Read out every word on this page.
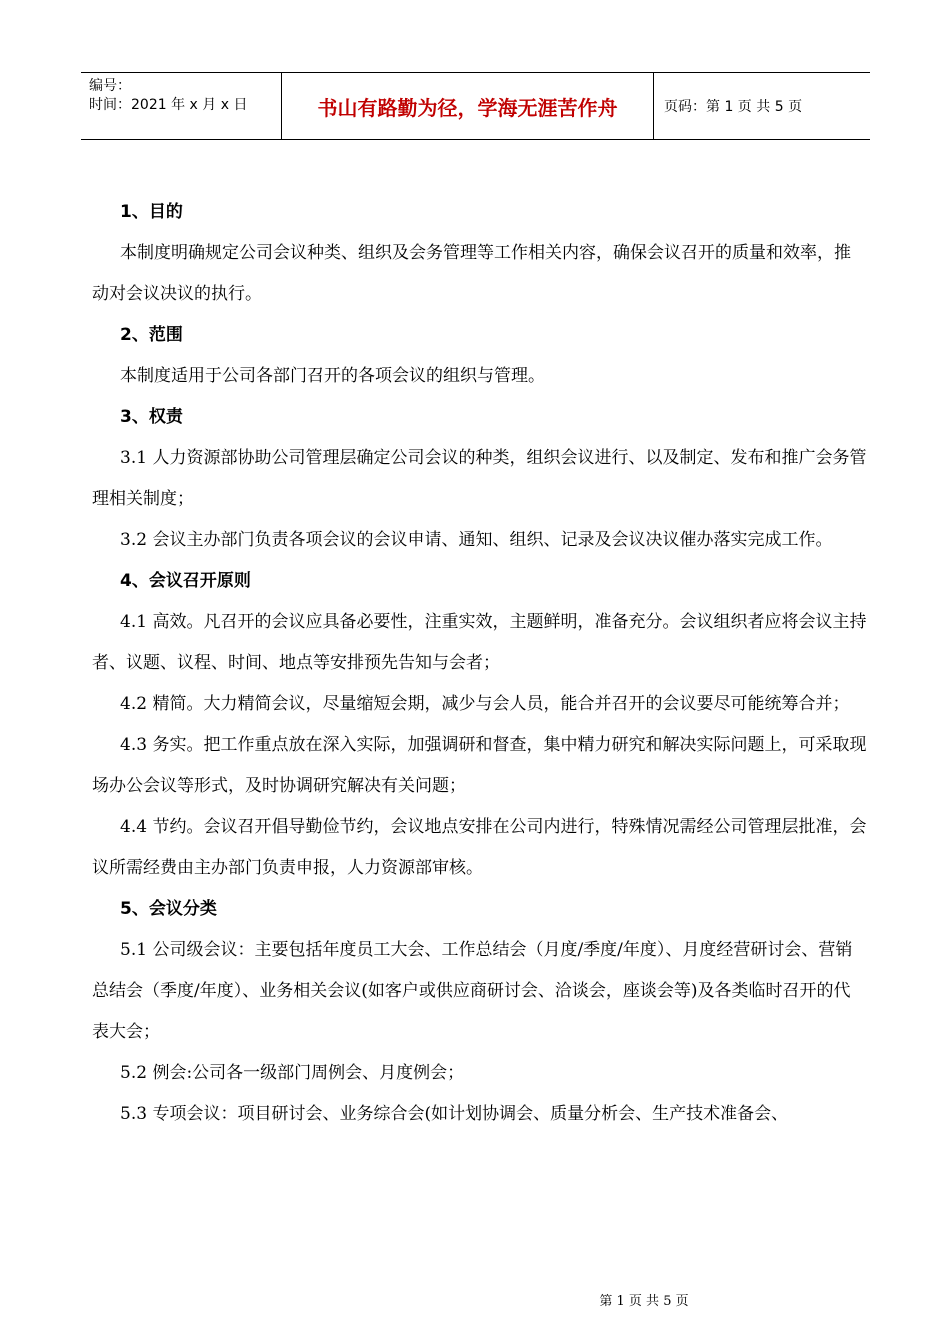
编号：
时间：2021 年 x 月 x 日	书山有路勤为径，学海无涯苦作舟	页码：第 1 页 共 5 页

1、目的

本制度明确规定公司会议种类、组织及会务管理等工作相关内容，确保会议召开的质量和效率，推动对会议决议的执行。

2、范围

本制度适用于公司各部门召开的各项会议的组织与管理。

3、权责

3.1 人力资源部协助公司管理层确定公司会议的种类，组织会议进行、以及制定、发布和推广会务管理相关制度；

3.2 会议主办部门负责各项会议的会议申请、通知、组织、记录及会议决议催办落实完成工作。

4、会议召开原则

4.1 高效。凡召开的会议应具备必要性，注重实效，主题鲜明，准备充分。会议组织者应将会议主持者、议题、议程、时间、地点等安排预先告知与会者；

4.2 精简。大力精简会议，尽量缩短会期，减少与会人员，能合并召开的会议要尽可能统筹合并；

4.3 务实。把工作重点放在深入实际，加强调研和督查，集中精力研究和解决实际问题上，可采取现场办公会议等形式，及时协调研究解决有关问题；

4.4 节约。会议召开倡导勤俭节约，会议地点安排在公司内进行，特殊情况需经公司管理层批准，会议所需经费由主办部门负责申报，人力资源部审核。

5、会议分类

5.1 公司级会议：主要包括年度员工大会、工作总结会（月度/季度/年度）、月度经营研讨会、营销总结会（季度/年度）、业务相关会议(如客户或供应商研讨会、洽谈会，座谈会等)及各类临时召开的代表大会；

5.2 例会:公司各一级部门周例会、月度例会；

5.3 专项会议：项目研讨会、业务综合会(如计划协调会、质量分析会、生产技术准备会、

第 1 页 共 5 页
